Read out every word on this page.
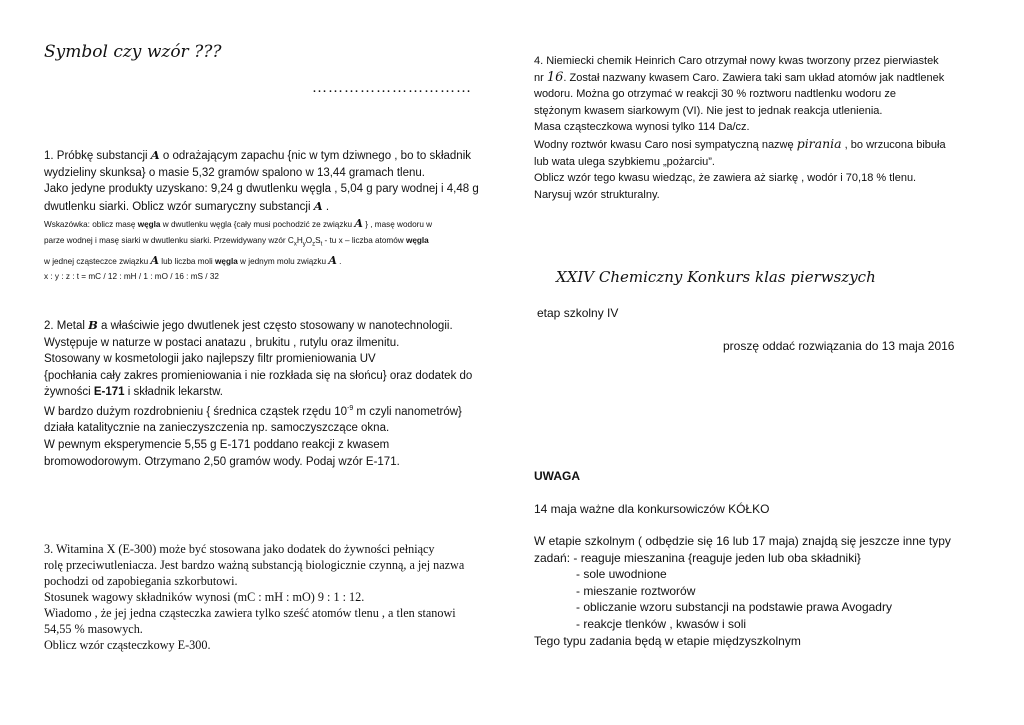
Symbol czy wzór ???
…………………………
1. Próbkę substancji A o odrażającym zapachu {nic w tym dziwnego , bo to składnik
wydzieliny skunksa} o masie 5,32 gramów spalono w 13,44 gramach tlenu.
Jako jedyne produkty uzyskano: 9,24 g dwutlenku węgla , 5,04 g pary wodnej i 4,48 g
dwutlenku siarki. Oblicz wzór sumaryczny substancji A .
Wskazówka: oblicz masę węgla w dwutlenku węgla {cały musi pochodzić ze związku A } , masę wodoru w
parze wodnej i masę siarki w dwutlenku siarki. Przewidywany wzór $C_xH_yO_zS_t$ - tu x – liczba atomów węgla
w jednej cząsteczce związku A lub liczba moli węgla w jednym molu związku A .
x : y : z : t = mC / 12 : mH / 1 : mO / 16 : mS / 32
2. Metal B a właściwie jego dwutlenek jest często stosowany w nanotechnologii.
Występuje w naturze w postaci anatazu , brukitu , rutylu oraz ilmenitu.
Stosowany w kosmetologii jako najlepszy filtr promieniowania UV
{pochłania cały zakres promieniowania i nie rozkłada się na słońcu} oraz dodatek do
żywności E-171 i składnik lekarstw.
W bardzo dużym rozdrobnieniu { średnica cząstek rzędu $10^{-9}$ m czyli nanometrów}
działa katalitycznie na zanieczyszczenia np. samoczyszczące okna.
W pewnym eksperymencie 5,55 g E-171 poddano reakcji z kwasem
bromowodorowym. Otrzymano 2,50 gramów wody. Podaj wzór E-171.
3. Witamina X (E-300) może być stosowana jako dodatek do żywności pełniący
rolę przeciwutleniacza. Jest bardzo ważną substancją biologicznie czynną, a jej nazwa
pochodzi od zapobiegania szkorbutowi.
Stosunek wagowy składników wynosi (mC : mH : mO) 9 : 1 : 12.
Wiadomo , że jej jedna cząsteczka zawiera tylko sześć atomów tlenu , a tlen stanowi
54,55 % masowych.
Oblicz wzór cząsteczkowy E-300.
4. Niemiecki chemik Heinrich Caro otrzymał nowy kwas tworzony przez pierwiastek
nr 16. Został nazwany kwasem Caro. Zawiera taki sam układ atomów jak nadtlenek
wodoru. Można go otrzymać w reakcji 30 % roztworu nadtlenku wodoru ze
stężonym kwasem siarkowym (VI). Nie jest to jednak reakcja utlenienia.
Masa cząsteczkowa wynosi tylko 114 Da/cz.
Wodny roztwór kwasu Caro nosi sympatyczną nazwę pirania , bo wrzucona bibuła
lub wata ulega szybkiemu „pożarciu”.
Oblicz wzór tego kwasu wiedząc, że zawiera aż siarkę , wodór i 70,18 % tlenu.
Narysuj wzór strukturalny.
XXIV Chemiczny Konkurs klas pierwszych
etap szkolny IV
proszę oddać rozwiązania do 13 maja 2016
UWAGA
14 maja ważne dla konkursowiczów KÓŁKO
W etapie szkolnym ( odbędzie się 16 lub 17 maja) znajdą się jeszcze inne typy
zadań: - reaguje mieszanina {reaguje jeden lub oba składniki}
- sole uwodnione
- mieszanie roztworów
- obliczanie wzoru substancji na podstawie prawa Avogadry
- reakcje tlenków , kwasów i soli
Tego typu zadania będą w etapie międzyszkolnym
